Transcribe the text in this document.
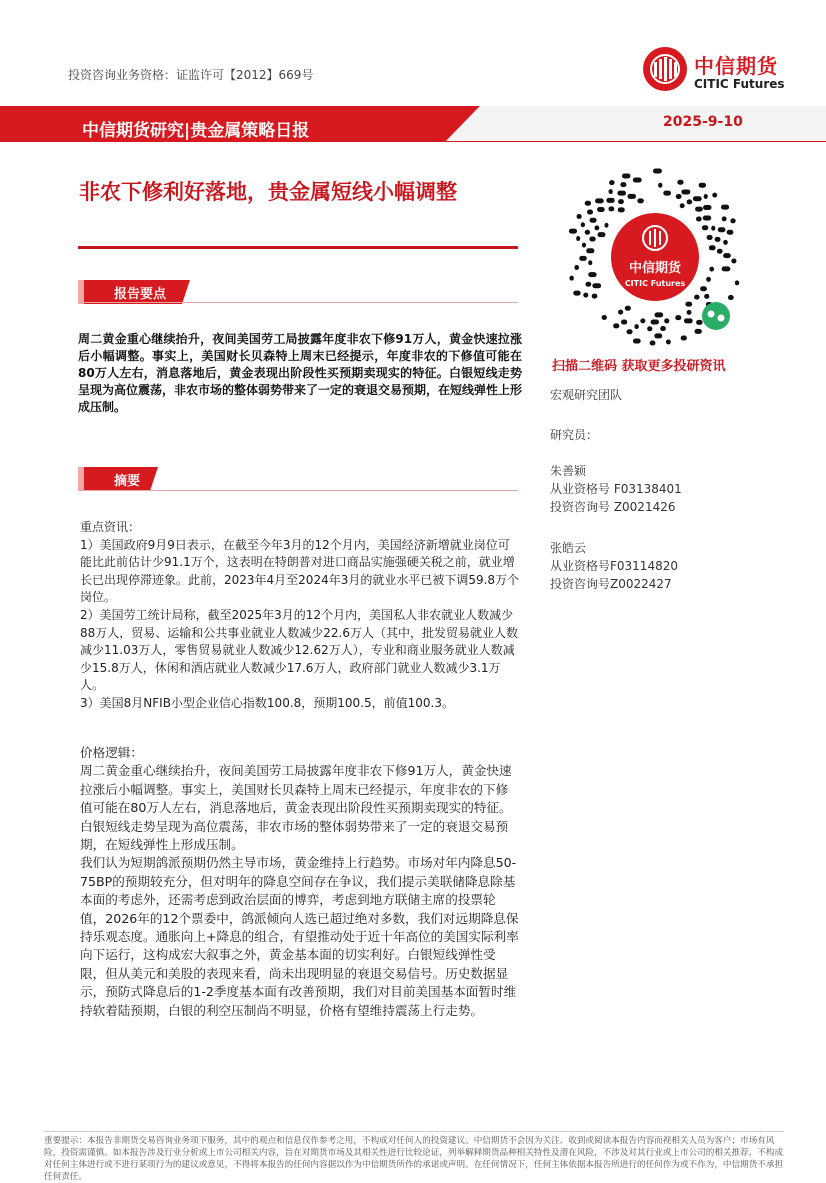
投资咨询业务资格：证监许可【2012】669号	中信期货
CITIC Futures
中信期货研究|贵金属策略日报	2025-9-10
非农下修利好落地，贵金属短线小幅调整
报告要点
周二黄金重心继续抬升，夜间美国劳工局披露年度非农下修91万人，黄金快速拉涨后小幅调整。事实上，美国财长贝森特上周末已经提示，年度非农的下修值可能在80万人左右，消息落地后，黄金表现出阶段性买预期卖现实的特征。白银短线走势呈现为高位震荡，非农市场的整体弱势带来了一定的衰退交易预期，在短线弹性上形成压制。
摘要

重点资讯：

1）美国政府9月9日表示，在截至今年3月的12个月内，美国经济新增就业岗位可能比此前估计少91.1万个，这表明在特朗普对进口商品实施强硬关税之前，就业增长已出现停滞迹象。此前，2023年4月至2024年3月的就业水平已被下调59.8万个岗位。

2）美国劳工统计局称，截至2025年3月的12个月内，美国私人非农就业人数减少88万人，贸易、运输和公共事业就业人数减少22.6万人（其中，批发贸易就业人数减少11.03万人，零售贸易就业人数减少12.62万人），专业和商业服务就业人数减少15.8万人，休闲和酒店就业人数减少17.6万人，政府部门就业人数减少3.1万人。

3）美国8月NFIB小型企业信心指数100.8，预期100.5，前值100.3。

价格逻辑：

周二黄金重心继续抬升，夜间美国劳工局披露年度非农下修91万人，黄金快速拉涨后小幅调整。事实上，美国财长贝森特上周末已经提示，年度非农的下修值可能在80万人左右，消息落地后，黄金表现出阶段性买预期卖现实的特征。白银短线走势呈现为高位震荡，非农市场的整体弱势带来了一定的衰退交易预期，在短线弹性上形成压制。

我们认为短期鸽派预期仍然主导市场，黄金维持上行趋势。市场对年内降息50-75BP的预期较充分，但对明年的降息空间存在争议，我们提示美联储降息除基本面的考虑外，还需考虑到政治层面的博弈，考虑到地方联储主席的投票轮值，2026年的12个票委中，鸽派倾向人选已超过绝对多数，我们对远期降息保持乐观态度。通胀向上+降息的组合，有望推动处于近十年高位的美国实际利率向下运行，这构成宏大叙事之外，黄金基本面的切实利好。白银短线弹性受限，但从美元和美股的表现来看，尚未出现明显的衰退交易信号。历史数据显示，预防式降息后的1-2季度基本面有改善预期，我们对目前美国基本面暂时维持软着陆预期，白银的利空压制尚不明显，价格有望维持震荡上行走势。

中信期货
CITIC Futures
扫描二维码 获取更多投研资讯
宏观研究团队
研究员：
朱善颖
从业资格号 F03138401
投资咨询号 Z0021426
张皓云
从业资格号F03114820
投资咨询号Z0022427
重要提示：本报告非期货交易咨询业务项下服务，其中的观点和信息仅作参考之用，不构成对任何人的投资建议。中信期货不会因为关注、收到或阅读本报告内容而视相关人员为客户；市场有风险，投资需谨慎。如本报告涉及行业分析或上市公司相关内容，旨在对期货市场及其相关性进行比较论证，列举解释期货品种相关特性及潜在风险，不涉及对其行业或上市公司的相关推荐，不构成对任何主体进行或不进行某项行为的建议或意见，不得将本报告的任何内容据以作为中信期货所作的承诺或声明。在任何情况下，任何主体依据本报告所进行的任何作为或不作为，中信期货不承担任何责任。
